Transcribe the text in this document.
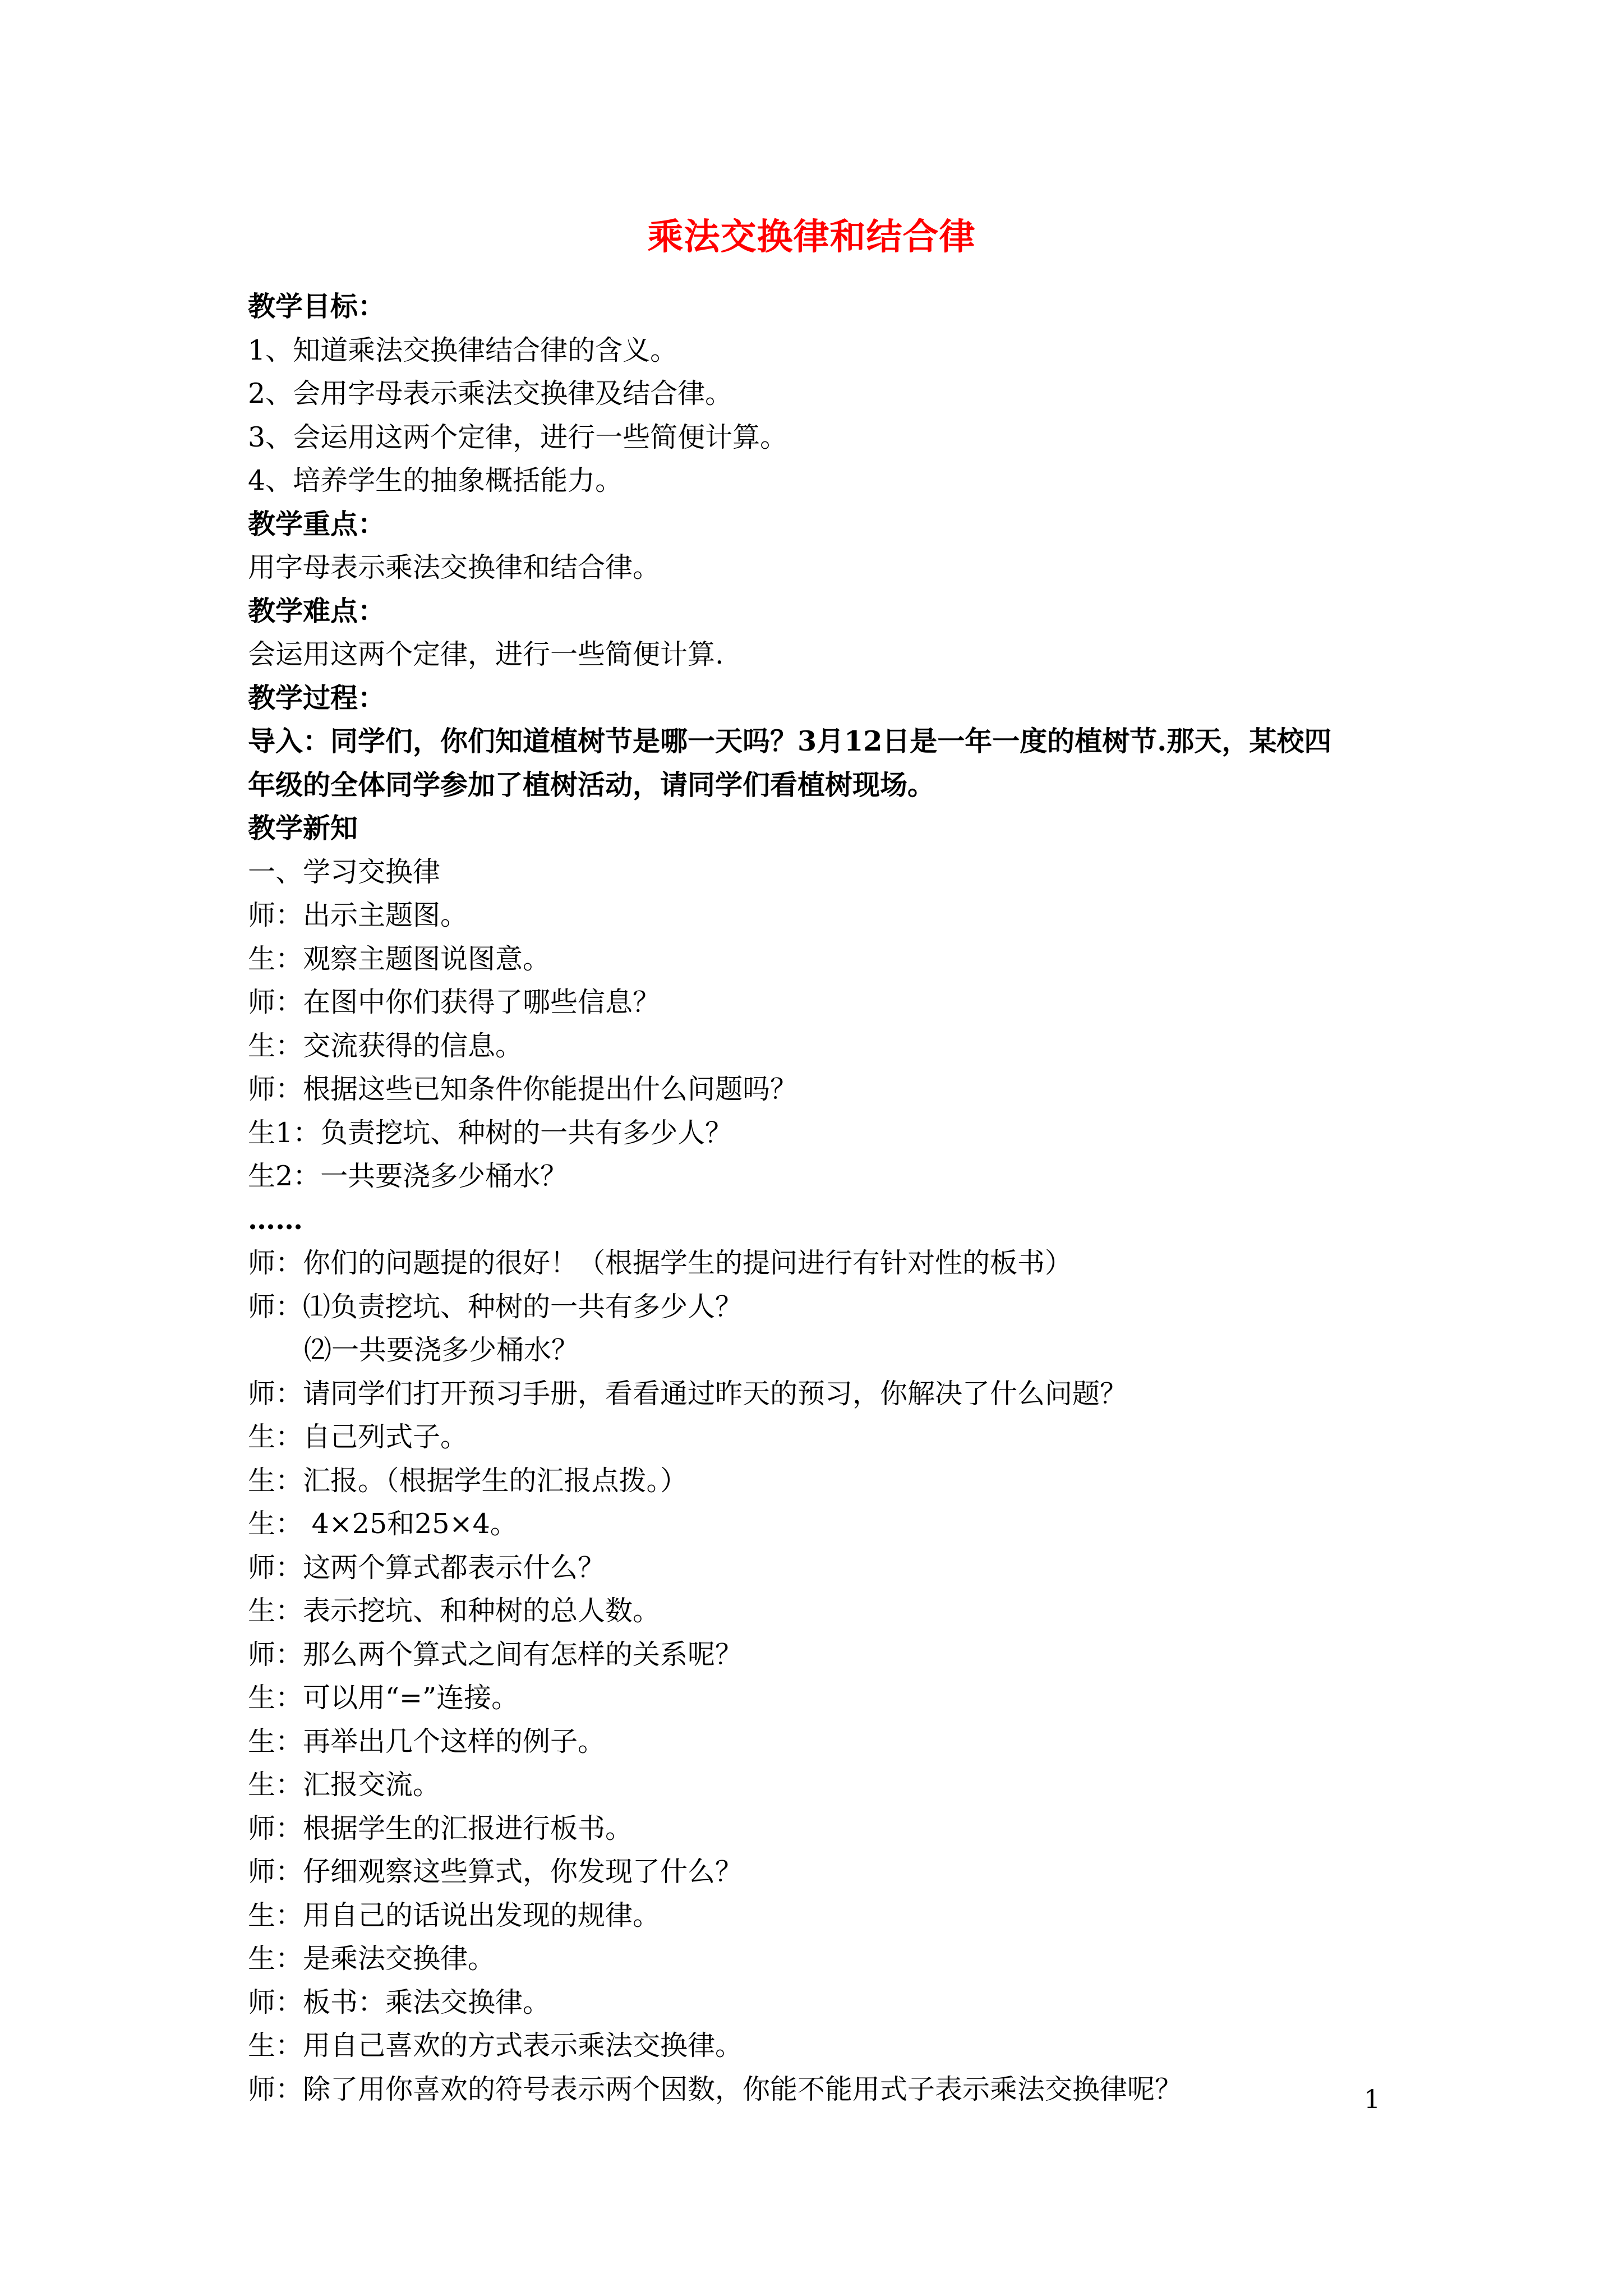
乘法交换律和结合律
教学目标：
1、知道乘法交换律结合律的含义。
2、会用字母表示乘法交换律及结合律。
3、会运用这两个定律，进行一些简便计算。
4、培养学生的抽象概括能力。
教学重点：
用字母表示乘法交换律和结合律。
教学难点：
会运用这两个定律，进行一些简便计算.
教学过程：
导入：同学们，你们知道植树节是哪一天吗？3月12日是一年一度的植树节.那天，某校四
年级的全体同学参加了植树活动，请同学们看植树现场。
教学新知
一、学习交换律
师：出示主题图。
生：观察主题图说图意。
师：在图中你们获得了哪些信息？
生：交流获得的信息。
师：根据这些已知条件你能提出什么问题吗？
生1：负责挖坑、种树的一共有多少人？
生2：一共要浇多少桶水？
……
师：你们的问题提的很好！（根据学生的提问进行有针对性的板书）
师：⑴负责挖坑、种树的一共有多少人？
⑵一共要浇多少桶水？
师：请同学们打开预习手册，看看通过昨天的预习，你解决了什么问题？
生：自己列式子。
生：汇报。（根据学生的汇报点拨。）
生： 4×25和25×4。
师：这两个算式都表示什么？
生：表示挖坑、和种树的总人数。
师：那么两个算式之间有怎样的关系呢？
生：可以用“=”连接。
生：再举出几个这样的例子。
生：汇报交流。
师：根据学生的汇报进行板书。
师：仔细观察这些算式，你发现了什么？
生：用自己的话说出发现的规律。
生：是乘法交换律。
师：板书：乘法交换律。
生：用自己喜欢的方式表示乘法交换律。
师：除了用你喜欢的符号表示两个因数，你能不能用式子表示乘法交换律呢？	1
